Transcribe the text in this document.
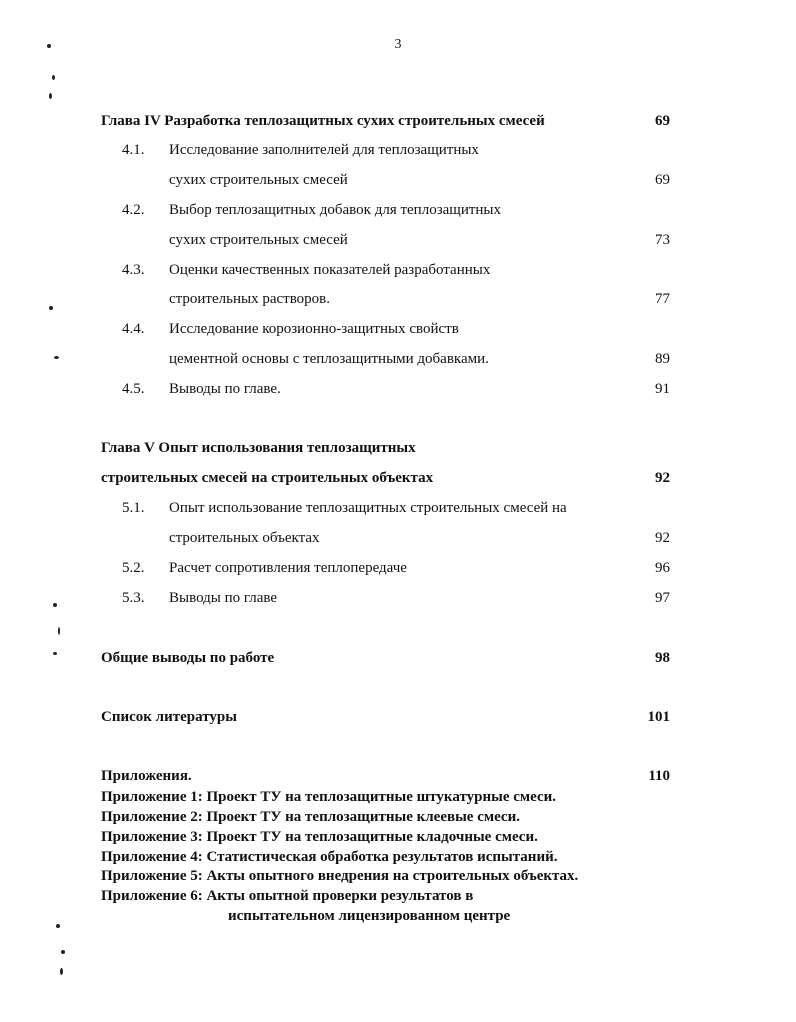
3
Глава IV Разработка теплозащитных сухих строительных смесей	69
4.1. Исследование заполнителей для теплозащитных
сухих строительных смесей	69
4.2. Выбор теплозащитных добавок для теплозащитных
сухих строительных смесей	73
4.3. Оценки качественных показателей разработанных
строительных растворов.	77
4.4. Исследование корозионно-защитных свойств
цементной основы с теплозащитными добавками.	89
4.5. Выводы по главе.	91
Глава V Опыт использования теплозащитных
строительных смесей на строительных объектах	92
5.1. Опыт использование теплозащитных строительных смесей на
строительных объектах	92
5.2. Расчет сопротивления теплопередаче	96
5.3. Выводы по главе	97
Общие выводы по работе	98
Список литературы	101
Приложения.	110
Приложение 1: Проект ТУ на теплозащитные штукатурные смеси.
Приложение 2: Проект ТУ на теплозащитные клеевые смеси.
Приложение 3: Проект ТУ на теплозащитные кладочные смеси.
Приложение 4: Статистическая обработка результатов испытаний.
Приложение 5: Акты опытного внедрения на строительных объектах.
Приложение 6: Акты опытной проверки результатов в
испытательном лицензированном центре
